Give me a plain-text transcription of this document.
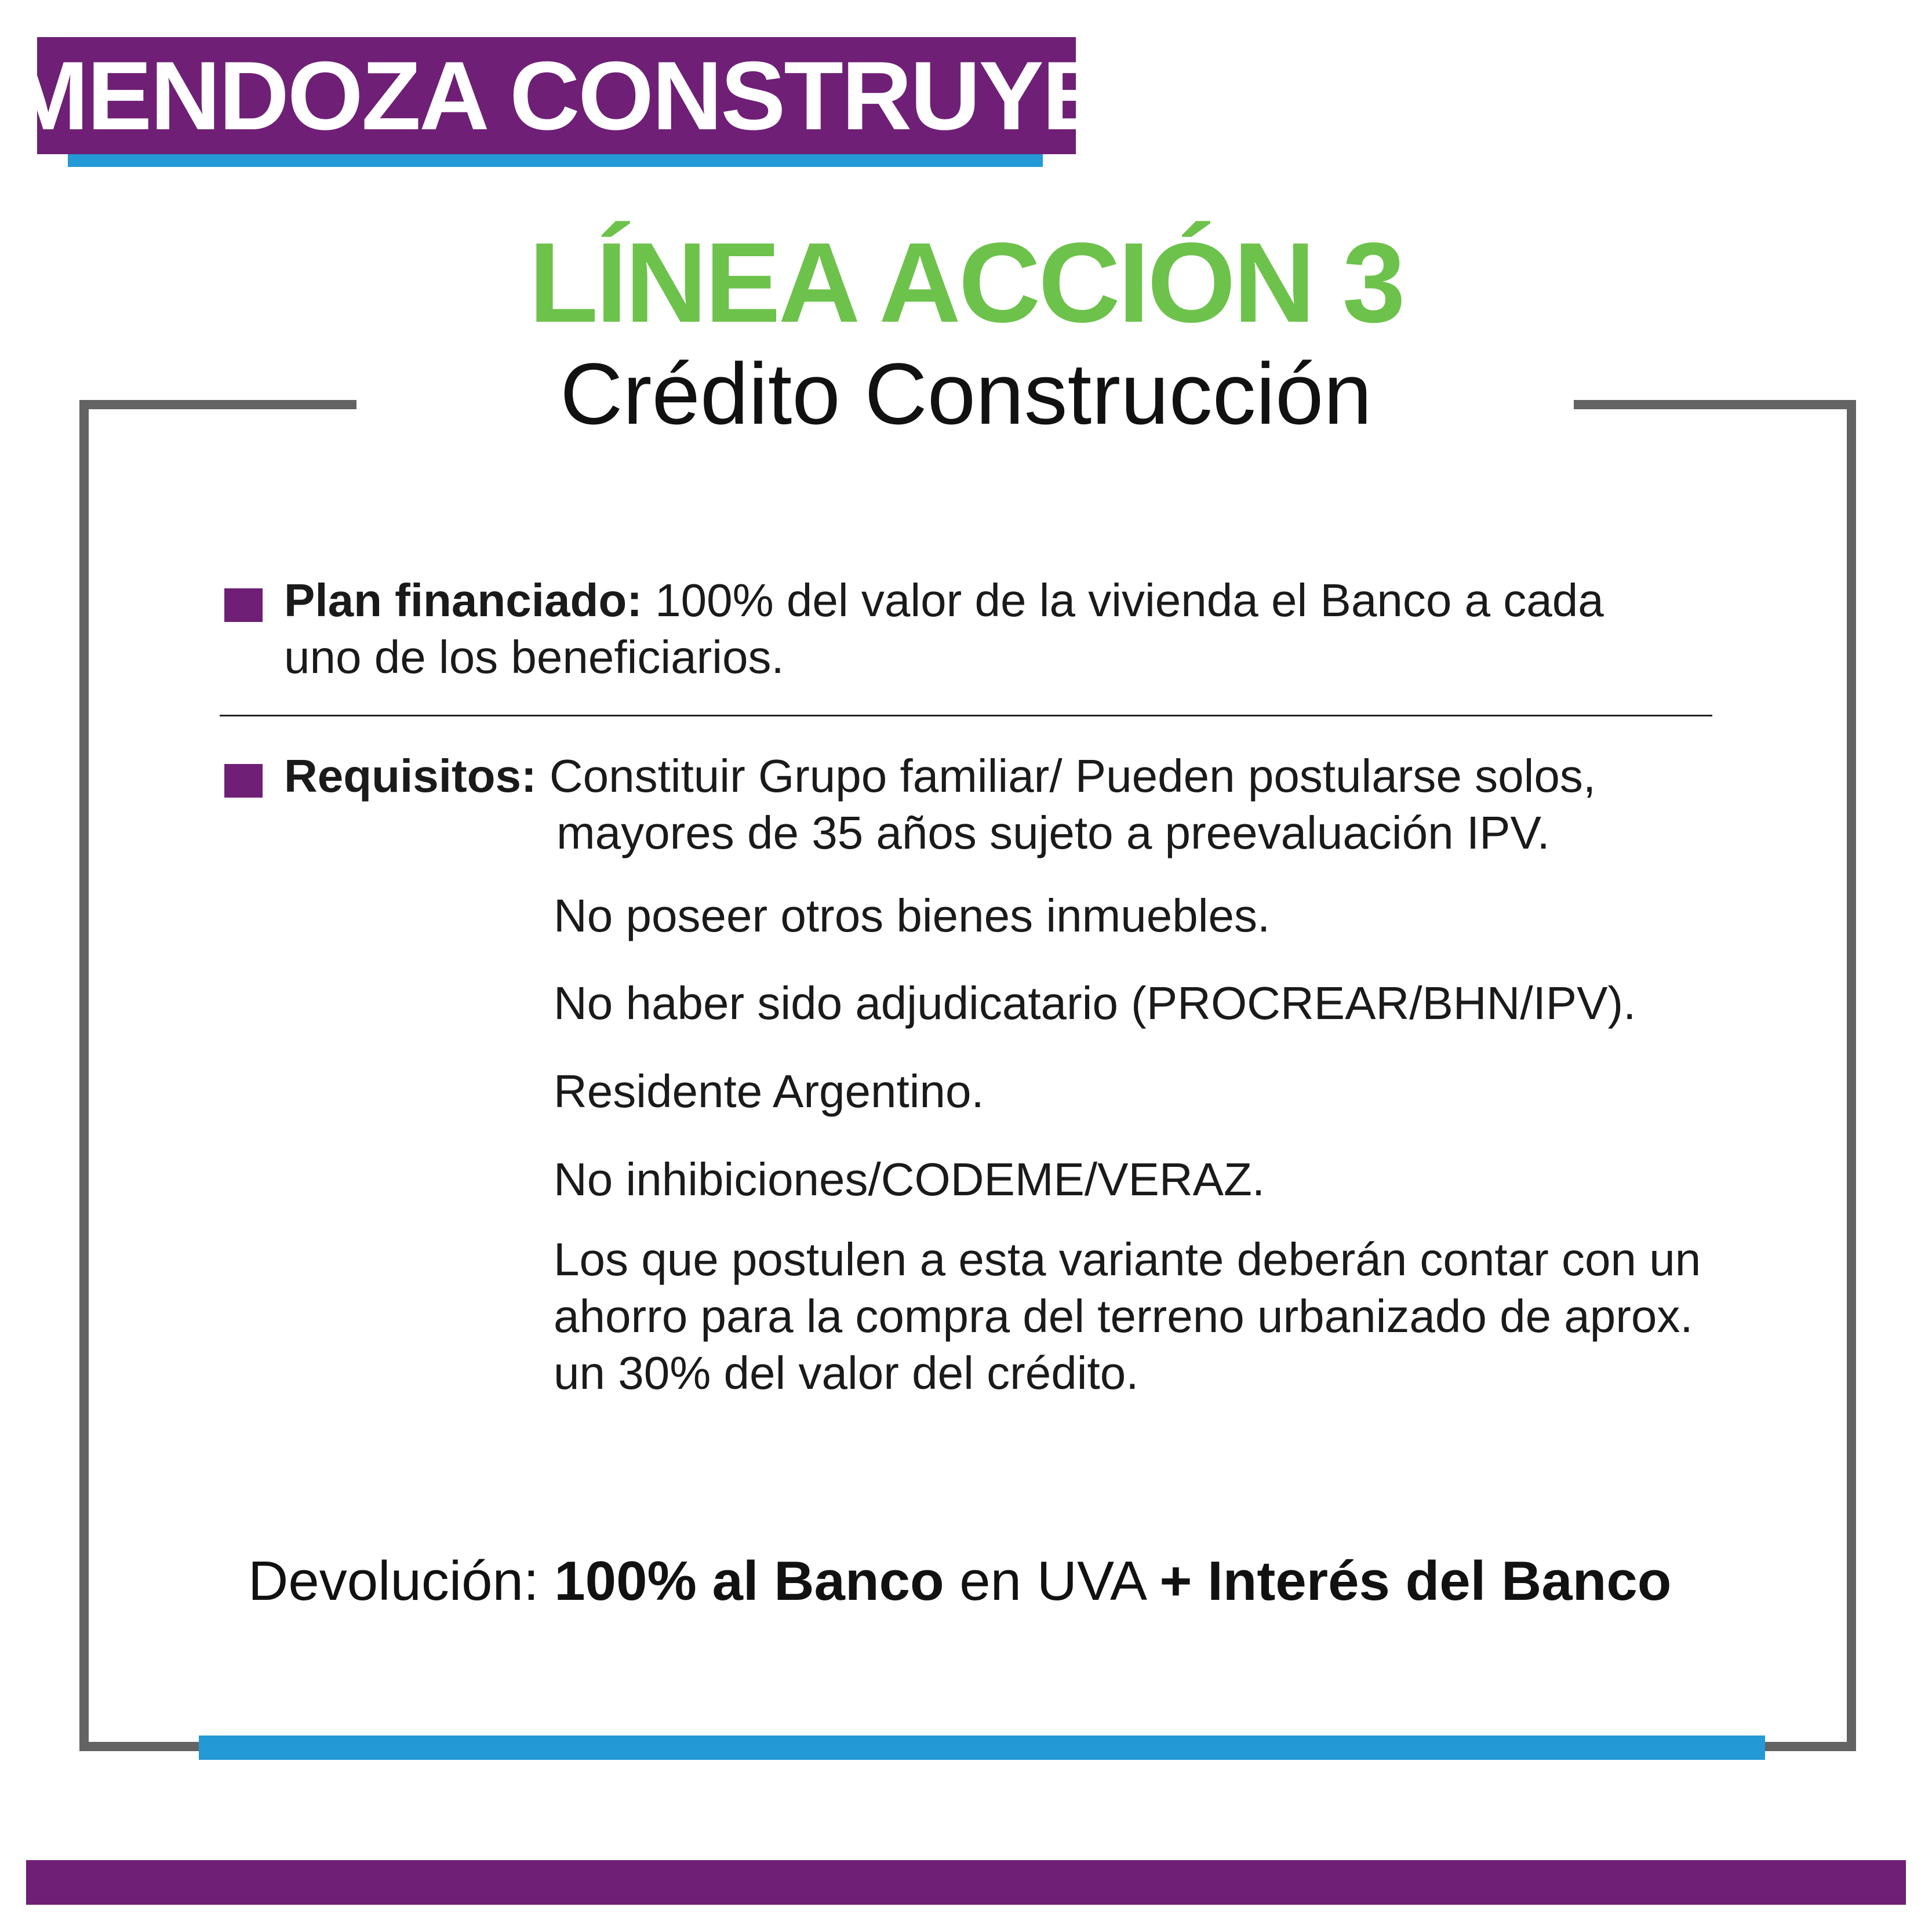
MENDOZA CONSTRUYE
LÍNEA ACCIÓN 3
Crédito Construcción
Plan financiado: 100% del valor de la vivienda el Banco a cada
uno de los beneficiarios.
Requisitos: Constituir Grupo familiar/ Pueden postularse solos,
mayores de 35 años sujeto a preevaluación IPV.
No poseer otros bienes inmuebles.
No haber sido adjudicatario (PROCREAR/BHN/IPV).
Residente Argentino.
No inhibiciones/CODEME/VERAZ.
Los que postulen a esta variante deberán contar con un
ahorro para la compra del terreno urbanizado de aprox.
un 30% del valor del crédito.
Devolución: 100% al Banco en UVA + Interés del Banco
